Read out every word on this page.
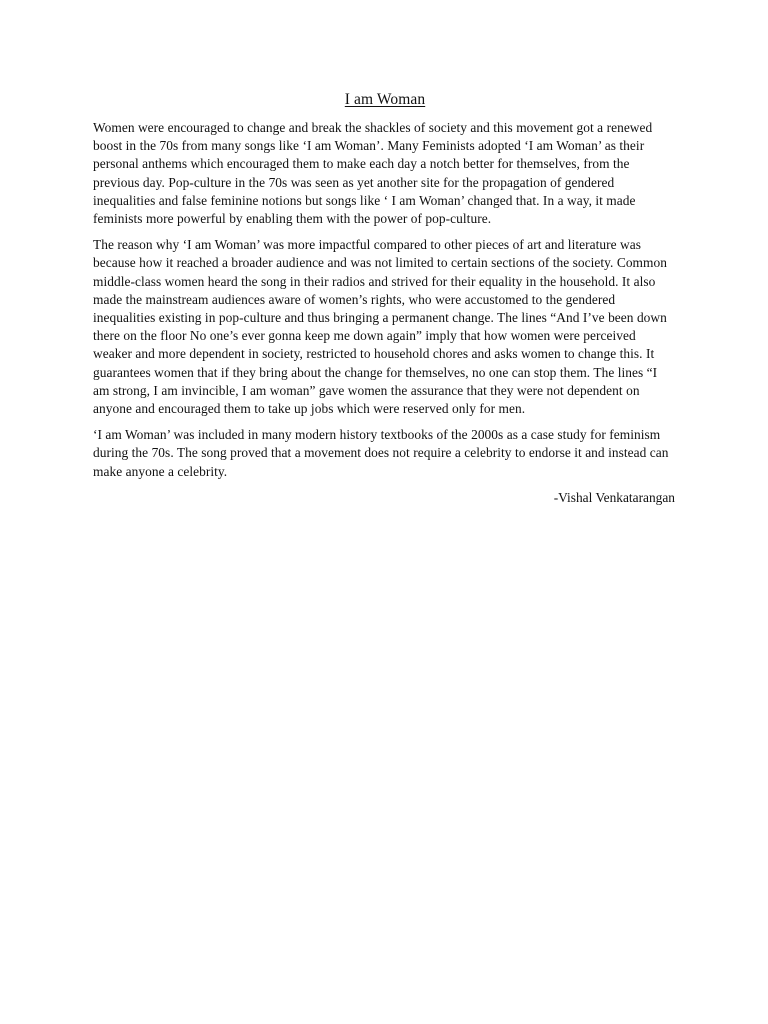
I am Woman

Women were encouraged to change and break the shackles of society and this movement got a renewed boost in the 70s from many songs like ‘I am Woman’. Many Feminists adopted ‘I am Woman’ as their personal anthems which encouraged them to make each day a notch better for themselves, from the previous day. Pop-culture in the 70s was seen as yet another site for the propagation of gendered inequalities and false feminine notions but songs like ‘ I am Woman’ changed that. In a way, it made feminists more powerful by enabling them with the power of pop-culture.

The reason why ‘I am Woman’ was more impactful compared to other pieces of art and literature was because how it reached a broader audience and was not limited to certain sections of the society. Common middle-class women heard the song in their radios and strived for their equality in the household. It also made the mainstream audiences aware of women’s rights, who were accustomed to the gendered inequalities existing in pop-culture and thus bringing a permanent change. The lines “And I’ve been down there on the floor No one’s ever gonna keep me down again” imply that how women were perceived weaker and more dependent in society, restricted to household chores and asks women to change this. It guarantees women that if they bring about the change for themselves, no one can stop them. The lines “I am strong, I am invincible, I am woman” gave women the assurance that they were not dependent on anyone and encouraged them to take up jobs which were reserved only for men.

‘I am Woman’ was included in many modern history textbooks of the 2000s as a case study for feminism during the 70s. The song proved that a movement does not require a celebrity to endorse it and instead can make anyone a celebrity.

-Vishal Venkatarangan
